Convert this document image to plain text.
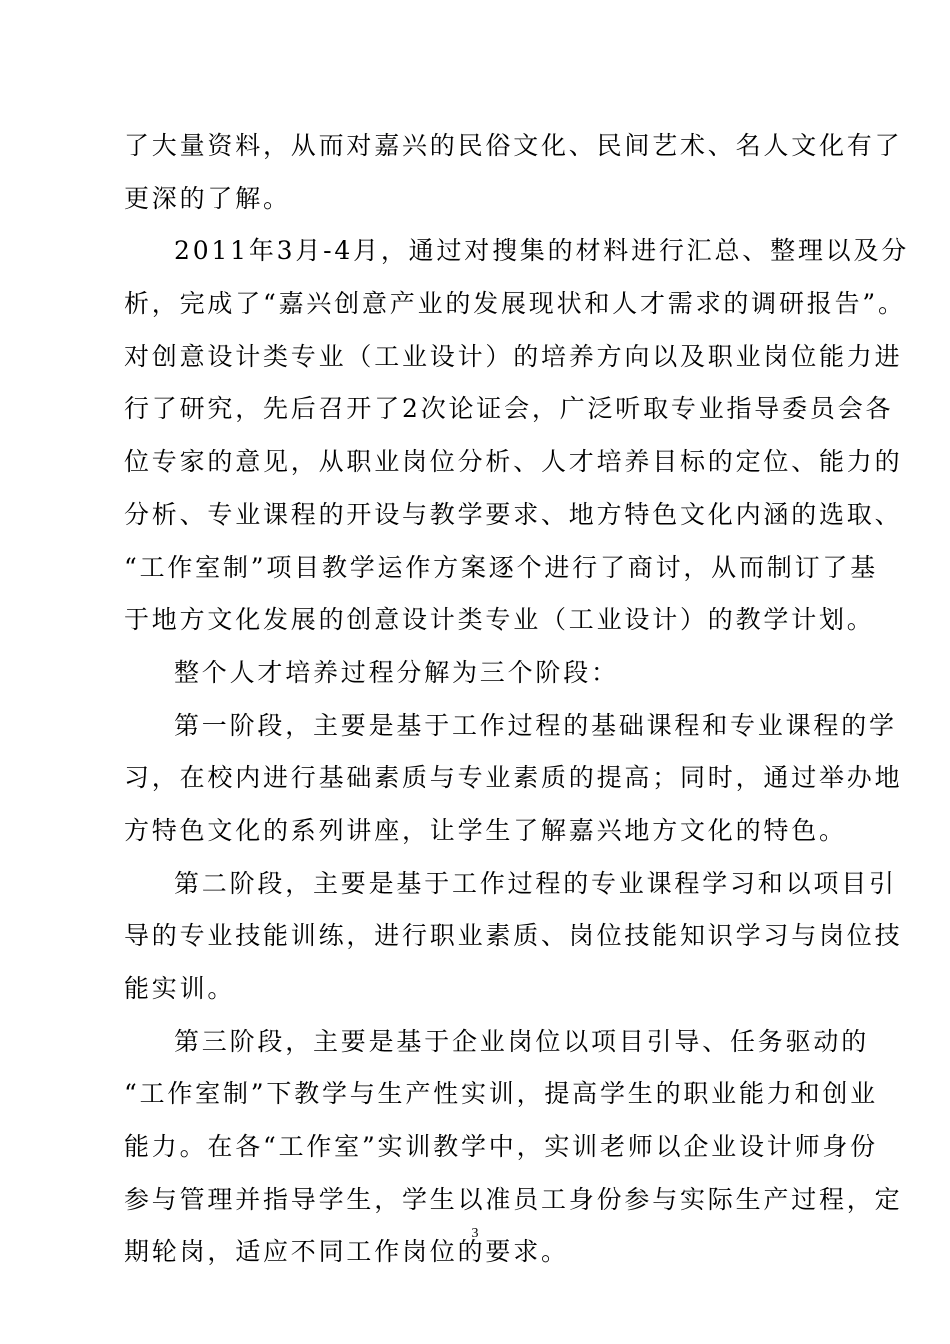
了大量资料，从而对嘉兴的民俗文化、民间艺术、名人文化有了
更深的了解。
2011年3月-4月，通过对搜集的材料进行汇总、整理以及分
析，完成了“嘉兴创意产业的发展现状和人才需求的调研报告”。
对创意设计类专业（工业设计）的培养方向以及职业岗位能力进
行了研究，先后召开了2次论证会，广泛听取专业指导委员会各
位专家的意见，从职业岗位分析、人才培养目标的定位、能力的
分析、专业课程的开设与教学要求、地方特色文化内涵的选取、
“工作室制”项目教学运作方案逐个进行了商讨，从而制订了基
于地方文化发展的创意设计类专业（工业设计）的教学计划。
整个人才培养过程分解为三个阶段：
第一阶段，主要是基于工作过程的基础课程和专业课程的学
习，在校内进行基础素质与专业素质的提高；同时，通过举办地
方特色文化的系列讲座，让学生了解嘉兴地方文化的特色。
第二阶段，主要是基于工作过程的专业课程学习和以项目引
导的专业技能训练，进行职业素质、岗位技能知识学习与岗位技
能实训。
第三阶段，主要是基于企业岗位以项目引导、任务驱动的
“工作室制”下教学与生产性实训，提高学生的职业能力和创业
能力。在各“工作室”实训教学中，实训老师以企业设计师身份
参与管理并指导学生，学生以准员工身份参与实际生产过程，定
期轮岗，适应不同工作岗位的要求。
3
